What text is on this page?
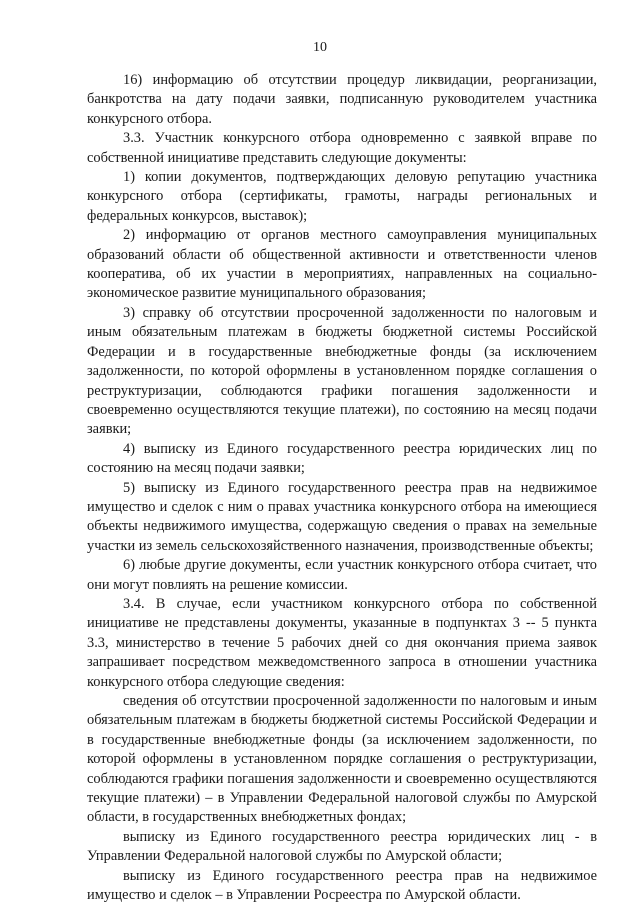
10

16) информацию об отсутствии процедур ликвидации, реорганизации, банкротства на дату подачи заявки, подписанную руководителем участника конкурсного отбора.

3.3. Участник конкурсного отбора одновременно с заявкой вправе по собственной инициативе представить следующие документы:

1) копии документов, подтверждающих деловую репутацию участника конкурсного отбора (сертификаты, грамоты, награды региональных и федеральных конкурсов, выставок);

2) информацию от органов местного самоуправления муниципальных образований области об общественной активности и ответственности членов кооператива, об их участии в мероприятиях, направленных на социально-экономическое развитие муниципального образования;

3) справку об отсутствии просроченной задолженности по налоговым и иным обязательным платежам в бюджеты бюджетной системы Российской Федерации и в государственные внебюджетные фонды (за исключением задолженности, по которой оформлены в установленном порядке соглашения о реструктуризации, соблюдаются графики погашения задолженности и своевременно осуществляются текущие платежи), по состоянию на месяц подачи заявки;

4) выписку из Единого государственного реестра юридических лиц по состоянию на месяц подачи заявки;

5) выписку из Единого государственного реестра прав на недвижимое имущество и сделок с ним о правах участника конкурсного отбора на имеющиеся объекты недвижимого имущества, содержащую сведения о правах на земельные участки из земель сельскохозяйственного назначения, производственные объекты;

6) любые другие документы, если участник конкурсного отбора считает, что они могут повлиять на решение комиссии.

3.4. В случае, если участником конкурсного отбора по собственной инициативе не представлены документы, указанные в подпунктах 3 -- 5 пункта 3.3, министерство в течение 5 рабочих дней со дня окончания приема заявок запрашивает посредством межведомственного запроса в отношении участника конкурсного отбора следующие сведения:

сведения об отсутствии просроченной задолженности по налоговым и иным обязательным платежам в бюджеты бюджетной системы Российской Федерации и в государственные внебюджетные фонды (за исключением задолженности, по которой оформлены в установленном порядке соглашения о реструктуризации, соблюдаются графики погашения задолженности и своевременно осуществляются текущие платежи) – в Управлении Федеральной налоговой службы по Амурской области, в государственных внебюджетных фондах;

выписку из Единого государственного реестра юридических лиц - в Управлении Федеральной налоговой службы по Амурской области;

выписку из Единого государственного реестра прав на недвижимое имущество и сделок – в Управлении Росреестра по Амурской области.
